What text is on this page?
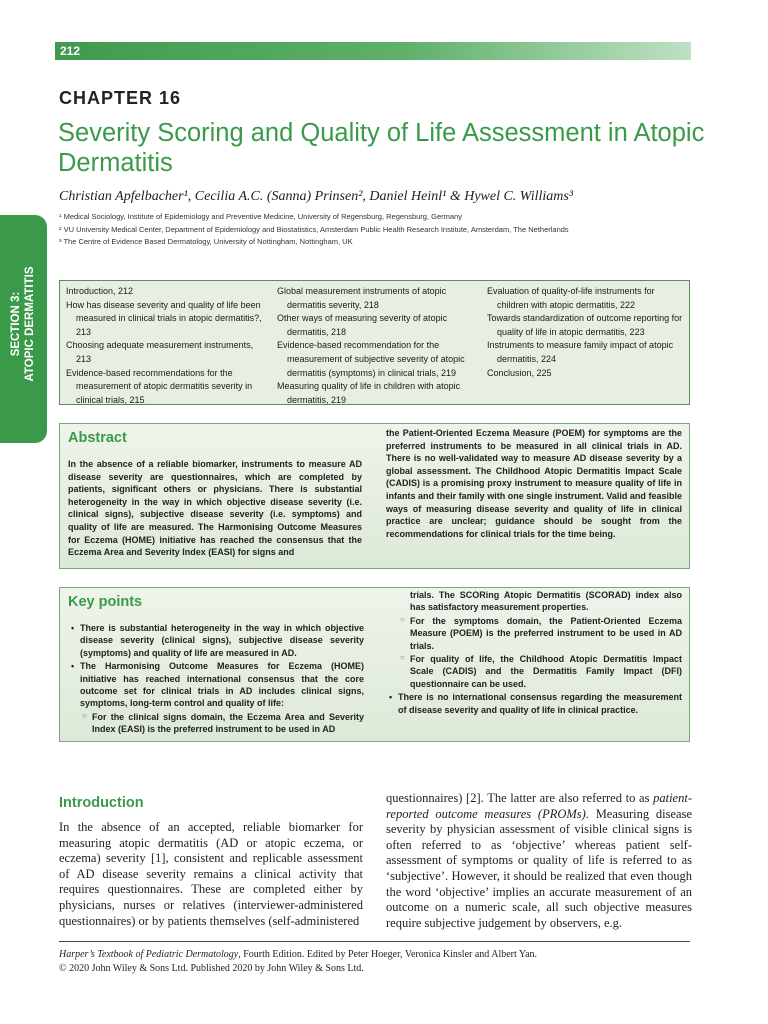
212
SECTION 3: ATOPIC DERMATITIS
CHAPTER 16
Severity Scoring and Quality of Life Assessment in Atopic Dermatitis
Christian Apfelbacher¹, Cecilia A.C. (Sanna) Prinsen², Daniel Heinl¹ & Hywel C. Williams³
¹ Medical Sociology, Institute of Epidemiology and Preventive Medicine, University of Regensburg, Regensburg, Germany
² VU University Medical Center, Department of Epidemiology and Biostatistics, Amsterdam Public Health Research Institute, Amsterdam, The Netherlands
³ The Centre of Evidence Based Dermatology, University of Nottingham, Nottingham, UK
Introduction, 212
How has disease severity and quality of life been measured in clinical trials in atopic dermatitis?, 213
Choosing adequate measurement instruments, 213
Evidence-based recommendations for the measurement of atopic dermatitis severity in clinical trials, 215
Global measurement instruments of atopic dermatitis severity, 218
Other ways of measuring severity of atopic dermatitis, 218
Evidence-based recommendation for the measurement of subjective severity of atopic dermatitis (symptoms) in clinical trials, 219
Measuring quality of life in children with atopic dermatitis, 219
Evaluation of quality-of-life instruments for children with atopic dermatitis, 222
Towards standardization of outcome reporting for quality of life in atopic dermatitis, 223
Instruments to measure family impact of atopic dermatitis, 224
Conclusion, 225
Abstract
In the absence of a reliable biomarker, instruments to measure AD disease severity are questionnaires, which are completed by patients, significant others or physicians. There is substantial heterogeneity in the way in which objective disease severity (i.e. clinical signs), subjective disease severity (i.e. symptoms) and quality of life are measured. The Harmonising Outcome Measures for Eczema (HOME) initiative has reached the consensus that the Eczema Area and Severity Index (EASI) for signs and
the Patient-Oriented Eczema Measure (POEM) for symptoms are the preferred instruments to be measured in all clinical trials in AD. There is no well-validated way to measure AD disease severity by a global assessment. The Childhood Atopic Dermatitis Impact Scale (CADIS) is a promising proxy instrument to measure quality of life in infants and their family with one single instrument. Valid and feasible ways of measuring disease severity and quality of life in clinical practice are unclear; guidance should be sought from the recommendations for clinical trials for the time being.
Key points
• There is substantial heterogeneity in the way in which objective disease severity (clinical signs), subjective disease severity (symptoms) and quality of life are measured in AD.
• The Harmonising Outcome Measures for Eczema (HOME) initiative has reached international consensus that the core outcome set for clinical trials in AD includes clinical signs, symptoms, long-term control and quality of life:
○ For the clinical signs domain, the Eczema Area and Severity Index (EASI) is the preferred instrument to be used in AD
trials. The SCORing Atopic Dermatitis (SCORAD) index also has satisfactory measurement properties.
○ For the symptoms domain, the Patient-Oriented Eczema Measure (POEM) is the preferred instrument to be used in AD trials.
○ For quality of life, the Childhood Atopic Dermatitis Impact Scale (CADIS) and the Dermatitis Family Impact (DFI) questionnaire can be used.
• There is no international consensus regarding the measurement of disease severity and quality of life in clinical practice.
Introduction
In the absence of an accepted, reliable biomarker for measuring atopic dermatitis (AD or atopic eczema, or eczema) severity [1], consistent and replicable assessment of AD disease severity remains a clinical activity that requires questionnaires. These are completed either by physicians, nurses or relatives (interviewer-administered questionnaires) or by patients themselves (self-administered
questionnaires) [2]. The latter are also referred to as patient-reported outcome measures (PROMs). Measuring disease severity by physician assessment of visible clinical signs is often referred to as ‘objective’ whereas patient self-assessment of symptoms or quality of life is referred to as ‘subjective’. However, it should be realized that even though the word ‘objective’ implies an accurate measurement of an outcome on a numeric scale, all such objective measures require subjective judgement by observers, e.g.
Harper’s Textbook of Pediatric Dermatology, Fourth Edition. Edited by Peter Hoeger, Veronica Kinsler and Albert Yan.
© 2020 John Wiley & Sons Ltd. Published 2020 by John Wiley & Sons Ltd.
